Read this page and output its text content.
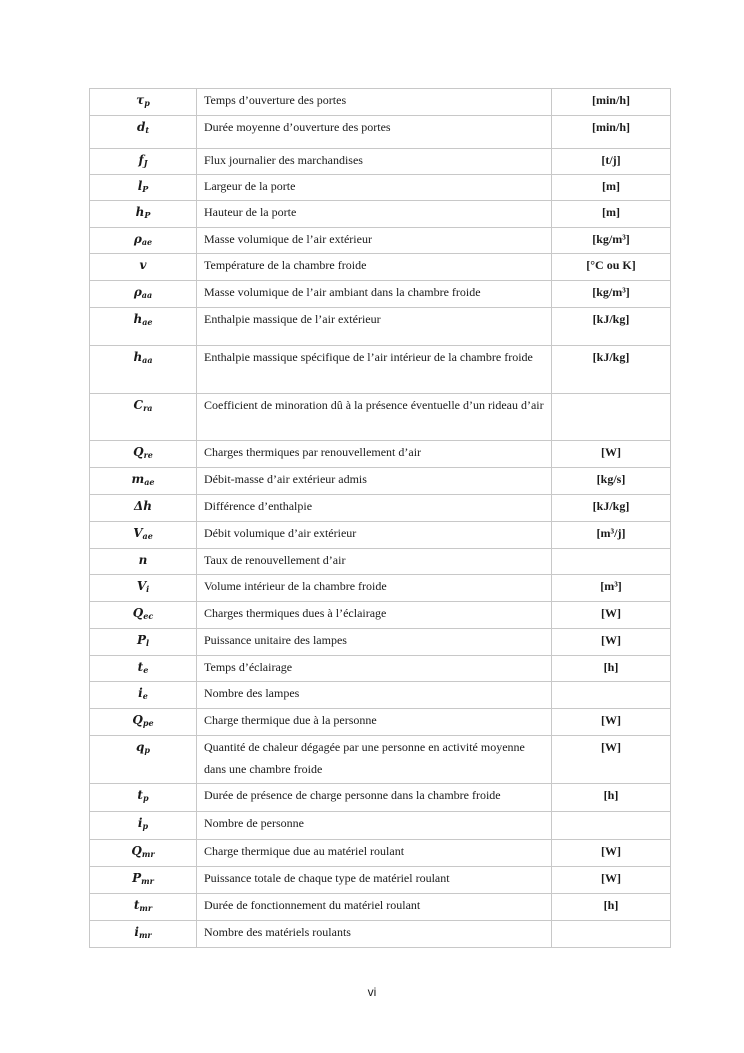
$\tau_p$	Temps d’ouverture des portes	[min/h]
$d_t$	Durée moyenne d’ouverture des portes	[min/h]
$f_J$	Flux journalier des marchandises	[t/j]
$l_P$	Largeur de la porte	[m]
$h_P$	Hauteur de la porte	[m]
$\rho_{ae}$	Masse volumique de l’air extérieur	[kg/m³]
v	Température de la chambre froide	[°C ou K]
$\rho_{aa}$	Masse volumique de l’air ambiant dans la chambre froide	[kg/m³]
$h_{ae}$	Enthalpie massique de l’air extérieur	[kJ/kg]
$h_{aa}$	Enthalpie massique spécifique de l’air intérieur de la chambre froide	[kJ/kg]
$C_{ra}$	Coefficient de minoration dû à la présence éventuelle d’un rideau d’air	
$Q_{re}$	Charges thermiques par renouvellement d’air	[W]
$m_{ae}$	Débit-masse d’air extérieur admis	[kg/s]
Δh	Différence d’enthalpie	[kJ/kg]
$V_{ae}$	Débit volumique d’air extérieur	[m³/j]
n	Taux de renouvellement d’air	
$V_i$	Volume intérieur de la chambre froide	[m³]
$Q_{ec}$	Charges thermiques dues à l’éclairage	[W]
$P_l$	Puissance unitaire des lampes	[W]
$t_e$	Temps d’éclairage	[h]
$i_e$	Nombre des lampes	
$Q_{pe}$	Charge thermique due à la personne	[W]
$q_p$	Quantité de chaleur dégagée par une personne en activité moyenne dans une chambre froide	[W]
$t_p$	Durée de présence de charge personne dans la chambre froide	[h]
$i_p$	Nombre de personne	
$Q_{mr}$	Charge thermique due au matériel roulant	[W]
$P_{mr}$	Puissance totale de chaque type de matériel roulant	[W]
$t_{mr}$	Durée de fonctionnement du matériel roulant	[h]
$i_{mr}$	Nombre des matériels roulants	
vi
